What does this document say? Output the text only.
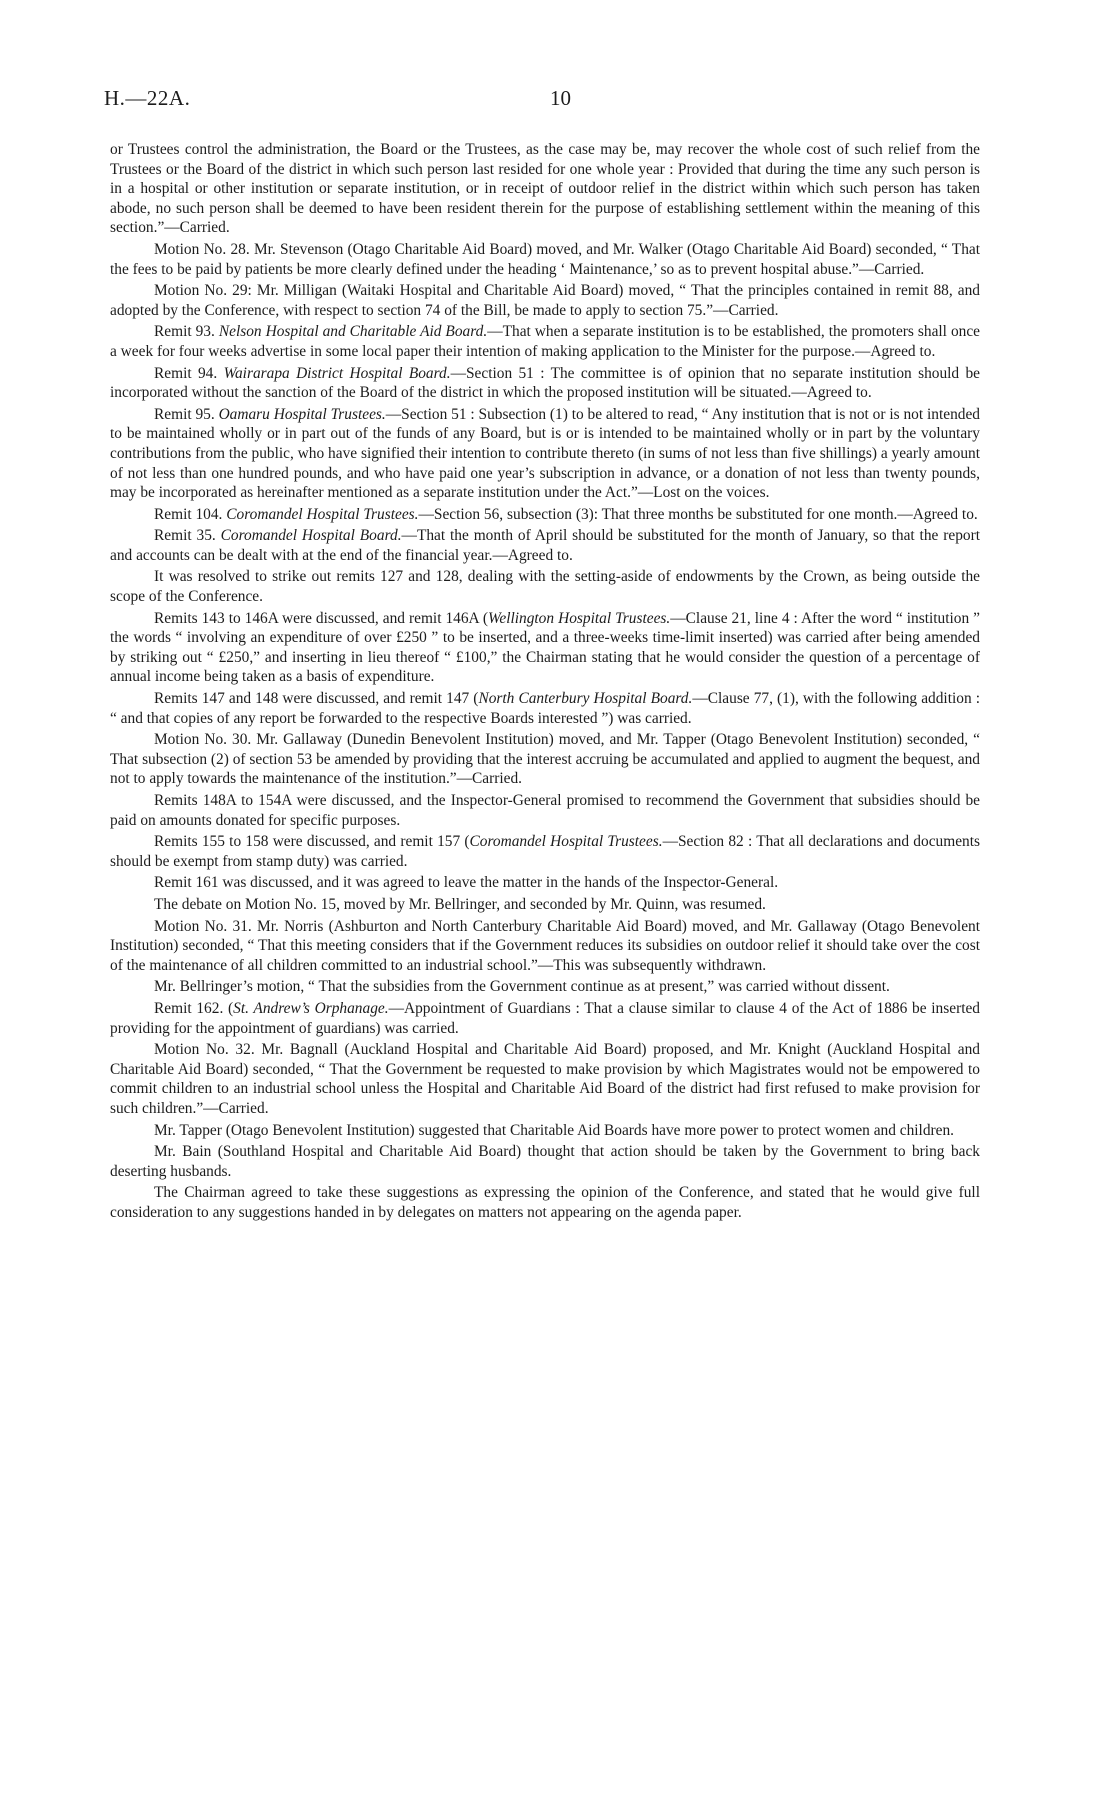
H.—22A.	10

or Trustees control the administration, the Board or the Trustees, as the case may be, may recover the whole cost of such relief from the Trustees or the Board of the district in which such person last resided for one whole year : Provided that during the time any such person is in a hospital or other institution or separate institution, or in receipt of outdoor relief in the district within which such person has taken abode, no such person shall be deemed to have been resident therein for the purpose of establishing settlement within the meaning of this section.”—Carried.

Motion No. 28. Mr. Stevenson (Otago Charitable Aid Board) moved, and Mr. Walker (Otago Charitable Aid Board) seconded, “ That the fees to be paid by patients be more clearly defined under the heading ‘ Maintenance,’ so as to prevent hospital abuse.”—Carried.

Motion No. 29: Mr. Milligan (Waitaki Hospital and Charitable Aid Board) moved, “ That the principles contained in remit 88, and adopted by the Conference, with respect to section 74 of the Bill, be made to apply to section 75.”—Carried.

Remit 93. Nelson Hospital and Charitable Aid Board.—That when a separate institution is to be established, the promoters shall once a week for four weeks advertise in some local paper their intention of making application to the Minister for the purpose.—Agreed to.

Remit 94. Wairarapa District Hospital Board.—Section 51 : The committee is of opinion that no separate institution should be incorporated without the sanction of the Board of the district in which the proposed institution will be situated.—Agreed to.

Remit 95. Oamaru Hospital Trustees.—Section 51 : Subsection (1) to be altered to read, “ Any institution that is not or is not intended to be maintained wholly or in part out of the funds of any Board, but is or is intended to be maintained wholly or in part by the voluntary contributions from the public, who have signified their intention to contribute thereto (in sums of not less than five shillings) a yearly amount of not less than one hundred pounds, and who have paid one year’s subscription in advance, or a donation of not less than twenty pounds, may be incorporated as hereinafter mentioned as a separate institution under the Act.”—Lost on the voices.

Remit 104. Coromandel Hospital Trustees.—Section 56, subsection (3): That three months be substituted for one month.—Agreed to.

Remit 35. Coromandel Hospital Board.—That the month of April should be substituted for the month of January, so that the report and accounts can be dealt with at the end of the financial year.—Agreed to.

It was resolved to strike out remits 127 and 128, dealing with the setting-aside of endowments by the Crown, as being outside the scope of the Conference.

Remits 143 to 146A were discussed, and remit 146A (Wellington Hospital Trustees.—Clause 21, line 4 : After the word “ institution ” the words “ involving an expenditure of over £250 ” to be inserted, and a three-weeks time-limit inserted) was carried after being amended by striking out “ £250,” and inserting in lieu thereof “ £100,” the Chairman stating that he would consider the question of a percentage of annual income being taken as a basis of expenditure.

Remits 147 and 148 were discussed, and remit 147 (North Canterbury Hospital Board.—Clause 77, (1), with the following addition : “ and that copies of any report be forwarded to the respective Boards interested ”) was carried.

Motion No. 30. Mr. Gallaway (Dunedin Benevolent Institution) moved, and Mr. Tapper (Otago Benevolent Institution) seconded, “ That subsection (2) of section 53 be amended by providing that the interest accruing be accumulated and applied to augment the bequest, and not to apply towards the maintenance of the institution.”—Carried.

Remits 148A to 154A were discussed, and the Inspector-General promised to recommend the Government that subsidies should be paid on amounts donated for specific purposes.

Remits 155 to 158 were discussed, and remit 157 (Coromandel Hospital Trustees.—Section 82 : That all declarations and documents should be exempt from stamp duty) was carried.

Remit 161 was discussed, and it was agreed to leave the matter in the hands of the Inspector-General.

The debate on Motion No. 15, moved by Mr. Bellringer, and seconded by Mr. Quinn, was resumed.

Motion No. 31. Mr. Norris (Ashburton and North Canterbury Charitable Aid Board) moved, and Mr. Gallaway (Otago Benevolent Institution) seconded, “ That this meeting considers that if the Government reduces its subsidies on outdoor relief it should take over the cost of the maintenance of all children committed to an industrial school.”—This was subsequently withdrawn.

Mr. Bellringer’s motion, “ That the subsidies from the Government continue as at present,” was carried without dissent.

Remit 162. (St. Andrew’s Orphanage.—Appointment of Guardians : That a clause similar to clause 4 of the Act of 1886 be inserted providing for the appointment of guardians) was carried.

Motion No. 32. Mr. Bagnall (Auckland Hospital and Charitable Aid Board) proposed, and Mr. Knight (Auckland Hospital and Charitable Aid Board) seconded, “ That the Government be requested to make provision by which Magistrates would not be empowered to commit children to an industrial school unless the Hospital and Charitable Aid Board of the district had first refused to make provision for such children.”—Carried.

Mr. Tapper (Otago Benevolent Institution) suggested that Charitable Aid Boards have more power to protect women and children.

Mr. Bain (Southland Hospital and Charitable Aid Board) thought that action should be taken by the Government to bring back deserting husbands.

The Chairman agreed to take these suggestions as expressing the opinion of the Conference, and stated that he would give full consideration to any suggestions handed in by delegates on matters not appearing on the agenda paper.
